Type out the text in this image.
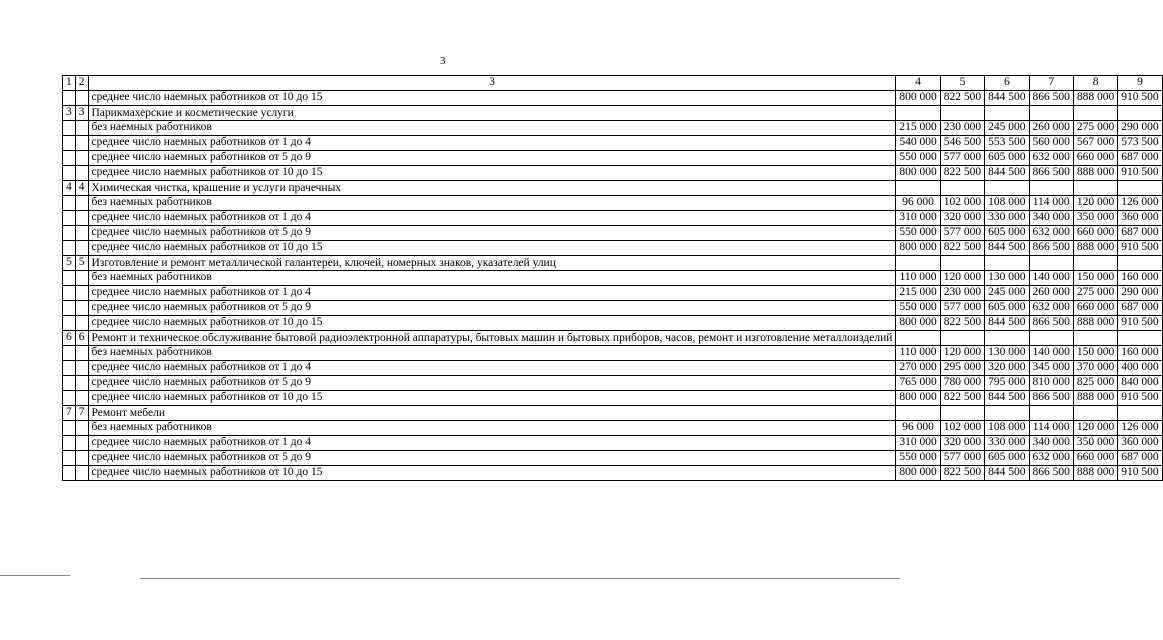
3
1	2	3	4	5	6	7	8	9
		среднее число наемных работников от 10 до 15	800 000	822 500	844 500	866 500	888 000	910 500
3	3	Парикмахерские и косметические услуги						
		без наемных работников	215 000	230 000	245 000	260 000	275 000	290 000
		среднее число наемных работников от 1 до 4	540 000	546 500	553 500	560 000	567 000	573 500
		среднее число наемных работников от 5 до 9	550 000	577 000	605 000	632 000	660 000	687 000
		среднее число наемных работников от 10 до 15	800 000	822 500	844 500	866 500	888 000	910 500
4	4	Химическая чистка, крашение и услуги прачечных						
		без наемных работников	96 000	102 000	108 000	114 000	120 000	126 000
		среднее число наемных работников от 1 до 4	310 000	320 000	330 000	340 000	350 000	360 000
		среднее число наемных работников от 5 до 9	550 000	577 000	605 000	632 000	660 000	687 000
		среднее число наемных работников от 10 до 15	800 000	822 500	844 500	866 500	888 000	910 500
5	5	Изготовление и ремонт металлической галантереи, ключей, номерных знаков, указателей улиц						
		без наемных работников	110 000	120 000	130 000	140 000	150 000	160 000
		среднее число наемных работников от 1 до 4	215 000	230 000	245 000	260 000	275 000	290 000
		среднее число наемных работников от 5 до 9	550 000	577 000	605 000	632 000	660 000	687 000
		среднее число наемных работников от 10 до 15	800 000	822 500	844 500	866 500	888 000	910 500
6	6	Ремонт и техническое обслуживание бытовой радиоэлектронной аппаратуры, бытовых машин и бытовых приборов, часов, ремонт и изготовление металлоизделий						
		без наемных работников	110 000	120 000	130 000	140 000	150 000	160 000
		среднее число наемных работников от 1 до 4	270 000	295 000	320 000	345 000	370 000	400 000
		среднее число наемных работников от 5 до 9	765 000	780 000	795 000	810 000	825 000	840 000
		среднее число наемных работников от 10 до 15	800 000	822 500	844 500	866 500	888 000	910 500
7	7	Ремонт мебели						
		без наемных работников	96 000	102 000	108 000	114 000	120 000	126 000
		среднее число наемных работников от 1 до 4	310 000	320 000	330 000	340 000	350 000	360 000
		среднее число наемных работников от 5 до 9	550 000	577 000	605 000	632 000	660 000	687 000
		среднее число наемных работников от 10 до 15	800 000	822 500	844 500	866 500	888 000	910 500
